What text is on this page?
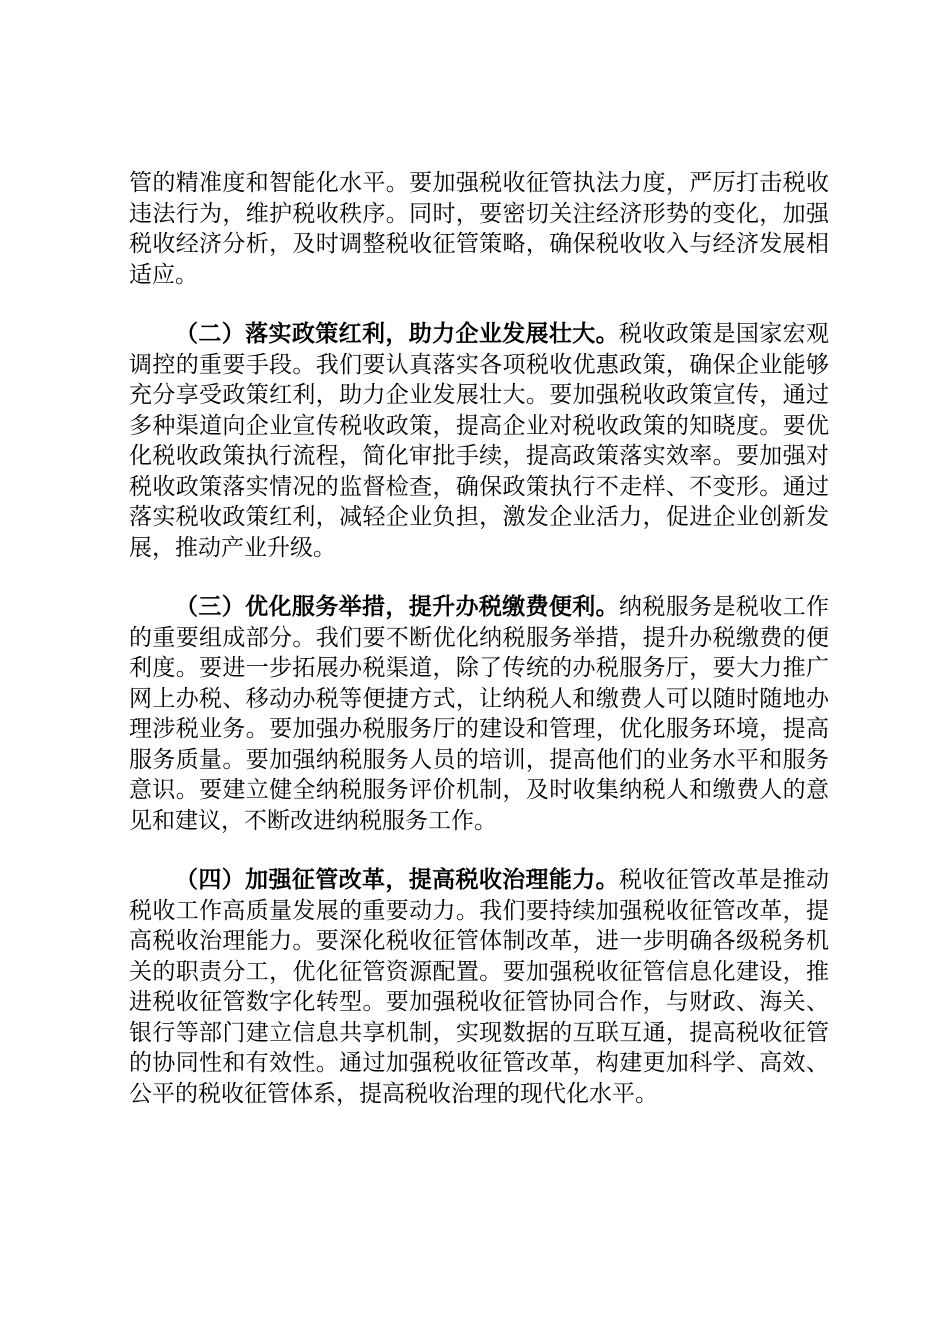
管的精准度和智能化水平。要加强税收征管执法力度，严厉打击税收违法行为，维护税收秩序。同时，要密切关注经济形势的变化，加强税收经济分析，及时调整税收征管策略，确保税收收入与经济发展相适应。

（二）落实政策红利，助力企业发展壮大。税收政策是国家宏观调控的重要手段。我们要认真落实各项税收优惠政策，确保企业能够充分享受政策红利，助力企业发展壮大。要加强税收政策宣传，通过多种渠道向企业宣传税收政策，提高企业对税收政策的知晓度。要优化税收政策执行流程，简化审批手续，提高政策落实效率。要加强对税收政策落实情况的监督检查，确保政策执行不走样、不变形。通过落实税收政策红利，减轻企业负担，激发企业活力，促进企业创新发展，推动产业升级。

（三）优化服务举措，提升办税缴费便利。纳税服务是税收工作的重要组成部分。我们要不断优化纳税服务举措，提升办税缴费的便利度。要进一步拓展办税渠道，除了传统的办税服务厅，要大力推广网上办税、移动办税等便捷方式，让纳税人和缴费人可以随时随地办理涉税业务。要加强办税服务厅的建设和管理，优化服务环境，提高服务质量。要加强纳税服务人员的培训，提高他们的业务水平和服务意识。要建立健全纳税服务评价机制，及时收集纳税人和缴费人的意见和建议，不断改进纳税服务工作。

（四）加强征管改革，提高税收治理能力。税收征管改革是推动税收工作高质量发展的重要动力。我们要持续加强税收征管改革，提高税收治理能力。要深化税收征管体制改革，进一步明确各级税务机关的职责分工，优化征管资源配置。要加强税收征管信息化建设，推进税收征管数字化转型。要加强税收征管协同合作，与财政、海关、银行等部门建立信息共享机制，实现数据的互联互通，提高税收征管的协同性和有效性。通过加强税收征管改革，构建更加科学、高效、公平的税收征管体系，提高税收治理的现代化水平。
